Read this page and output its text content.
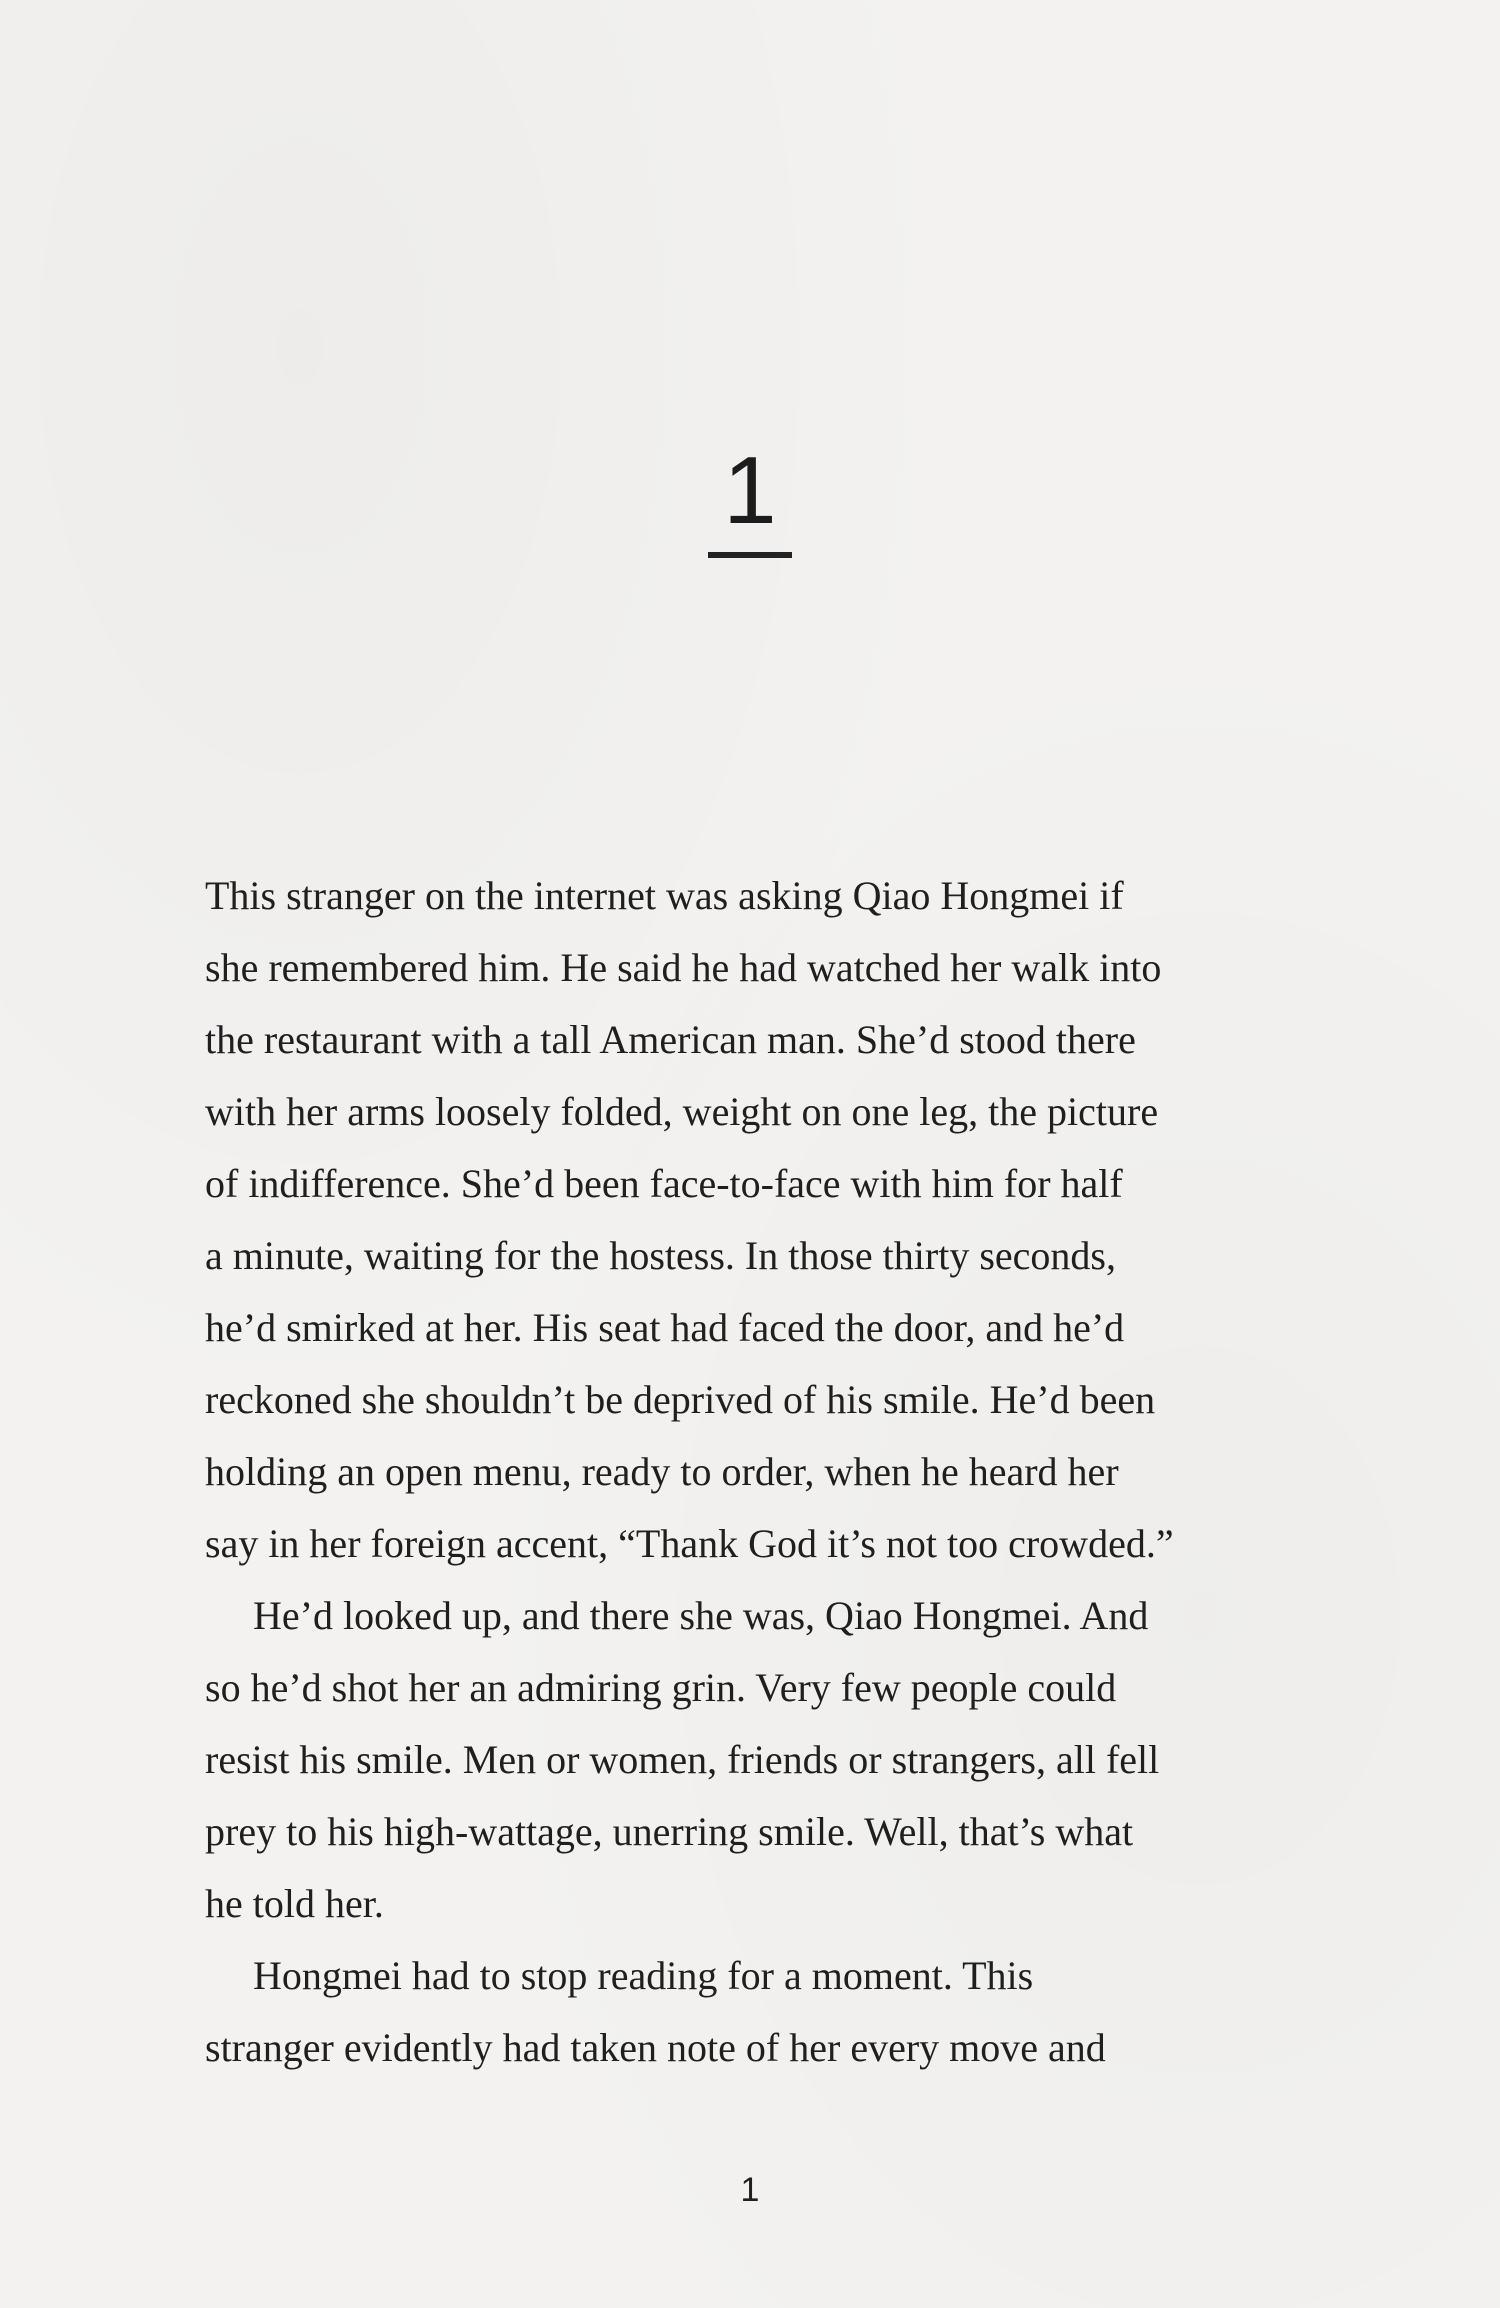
1

This stranger on the internet was asking Qiao Hongmei if
she remembered him. He said he had watched her walk into
the restaurant with a tall American man. She’d stood there
with her arms loosely folded, weight on one leg, the picture
of indifference. She’d been face-to-face with him for half
a minute, waiting for the hostess. In those thirty seconds,
he’d smirked at her. His seat had faced the door, and he’d
reckoned she shouldn’t be deprived of his smile. He’d been
holding an open menu, ready to order, when he heard her
say in her foreign accent, “Thank God it’s not too crowded.”

He’d looked up, and there she was, Qiao Hongmei. And
so he’d shot her an admiring grin. Very few people could
resist his smile. Men or women, friends or strangers, all fell
prey to his high-wattage, unerring smile. Well, that’s what
he told her.

Hongmei had to stop reading for a moment. This
stranger evidently had taken note of her every move and

1
